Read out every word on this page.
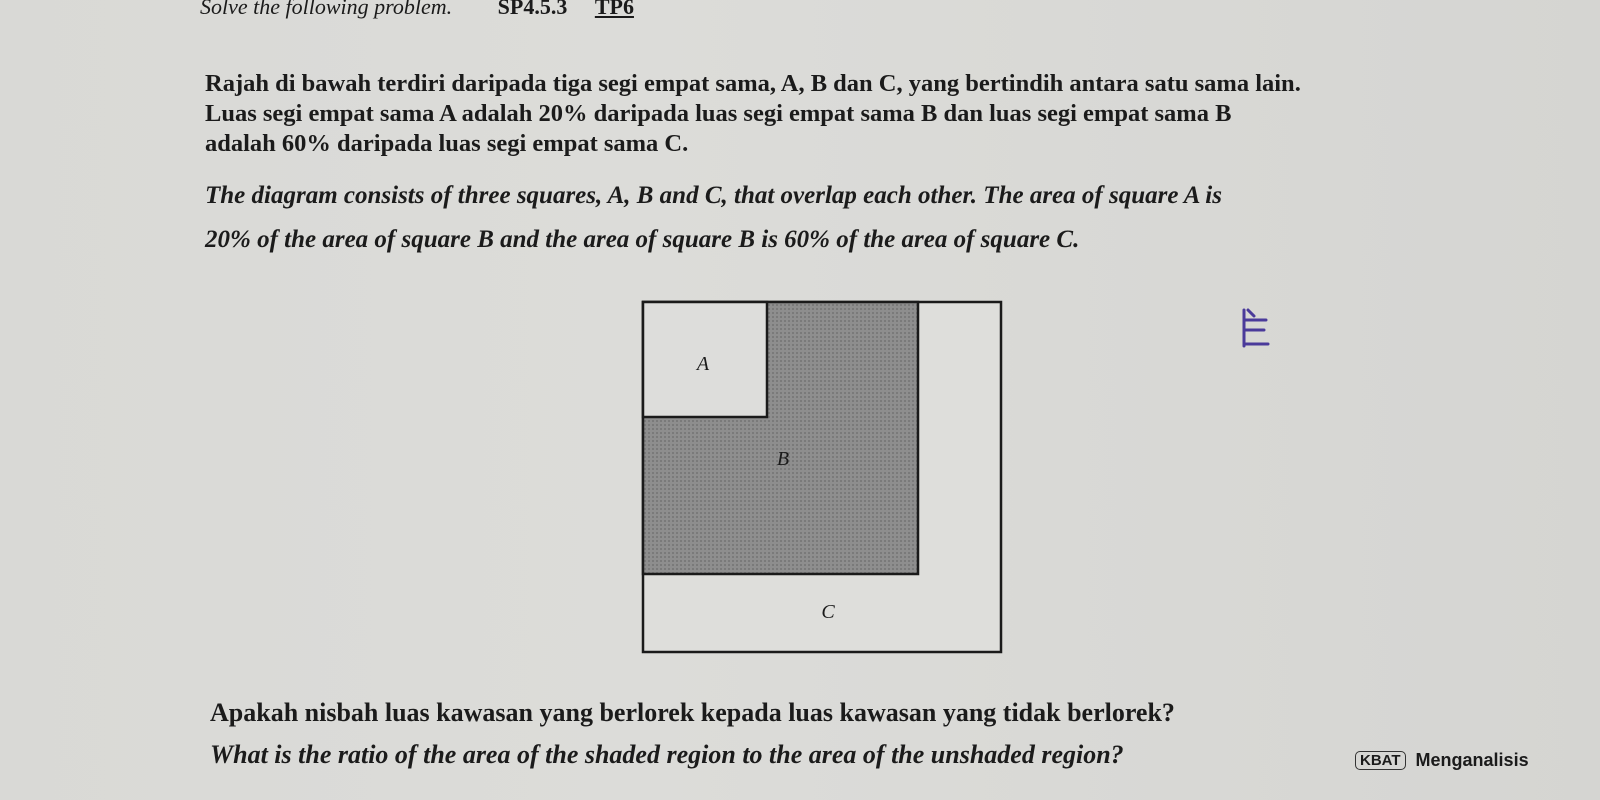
Solve the following problem. SP4.5.3 TP6
Rajah di bawah terdiri daripada tiga segi empat sama, A, B dan C, yang bertindih antara satu sama lain.
Luas segi empat sama A adalah 20% daripada luas segi empat sama B dan luas segi empat sama B
adalah 60% daripada luas segi empat sama C.
The diagram consists of three squares, A, B and C, that overlap each other. The area of square A is
20% of the area of square B and the area of square B is 60% of the area of square C.
A
B
C
Apakah nisbah luas kawasan yang berlorek kepada luas kawasan yang tidak berlorek?
What is the ratio of the area of the shaded region to the area of the unshaded region?	KBAT Menganalisis
